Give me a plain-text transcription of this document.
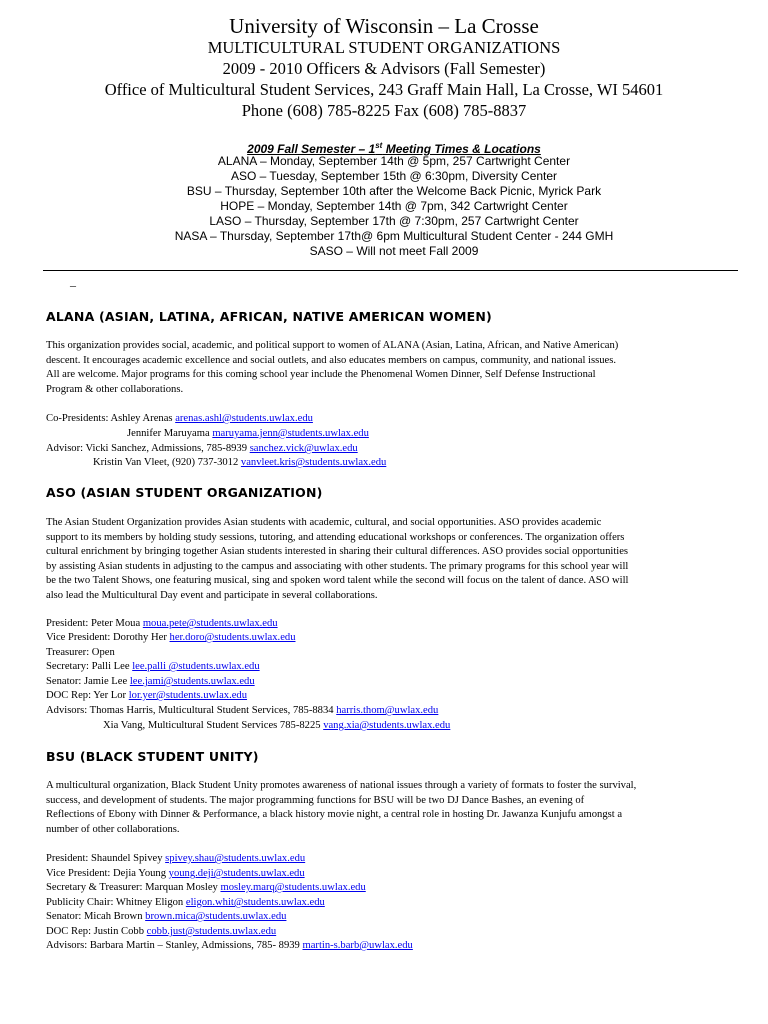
University of Wisconsin – La Crosse
MULTICULTURAL STUDENT ORGANIZATIONS
2009 - 2010 Officers & Advisors (Fall Semester)
Office of Multicultural Student Services, 243 Graff Main Hall, La Crosse, WI 54601
Phone (608) 785-8225 Fax (608) 785-8837
2009 Fall Semester – 1st Meeting Times & Locations
ALANA – Monday, September 14th @ 5pm, 257 Cartwright Center
ASO – Tuesday, September 15th @ 6:30pm, Diversity Center
BSU – Thursday, September 10th after the Welcome Back Picnic, Myrick Park
HOPE – Monday, September 14th @ 7pm, 342 Cartwright Center
LASO – Thursday, September 17th @ 7:30pm, 257 Cartwright Center
NASA – Thursday, September 17th@ 6pm Multicultural Student Center - 244 GMH
SASO – Will not meet Fall 2009
–
ALANA (ASIAN, LATINA, AFRICAN, NATIVE AMERICAN WOMEN)
This organization provides social, academic, and political support to women of ALANA (Asian, Latina, African, and Native American)
descent. It encourages academic excellence and social outlets, and also educates members on campus, community, and national issues.
All are welcome. Major programs for this coming school year include the Phenomenal Women Dinner, Self Defense Instructional
Program & other collaborations.
Co-Presidents: Ashley Arenas arenas.ashl@students.uwlax.edu
Jennifer Maruyama maruyama.jenn@students.uwlax.edu
Advisor: Vicki Sanchez, Admissions, 785-8939 sanchez.vick@uwlax.edu
Kristin Van Vleet, (920) 737-3012 vanvleet.kris@students.uwlax.edu
ASO (ASIAN STUDENT ORGANIZATION)
The Asian Student Organization provides Asian students with academic, cultural, and social opportunities. ASO provides academic
support to its members by holding study sessions, tutoring, and attending educational workshops or conferences. The organization offers
cultural enrichment by bringing together Asian students interested in sharing their cultural differences. ASO provides social opportunities
by assisting Asian students in adjusting to the campus and associating with other students. The primary programs for this school year will
be the two Talent Shows, one featuring musical, sing and spoken word talent while the second will focus on the talent of dance. ASO will
also lead the Multicultural Day event and participate in several collaborations.
President: Peter Moua moua.pete@students.uwlax.edu
Vice President: Dorothy Her her.doro@students.uwlax.edu
Treasurer: Open
Secretary: Palli Lee lee.palli @students.uwlax.edu
Senator: Jamie Lee lee.jami@students.uwlax.edu
DOC Rep: Yer Lor lor.yer@students.uwlax.edu
Advisors: Thomas Harris, Multicultural Student Services, 785-8834 harris.thom@uwlax.edu
Xia Vang, Multicultural Student Services 785-8225 vang.xia@students.uwlax.edu
BSU (BLACK STUDENT UNITY)
A multicultural organization, Black Student Unity promotes awareness of national issues through a variety of formats to foster the survival,
success, and development of students. The major programming functions for BSU will be two DJ Dance Bashes, an evening of
Reflections of Ebony with Dinner & Performance, a black history movie night, a central role in hosting Dr. Jawanza Kunjufu amongst a
number of other collaborations.
President: Shaundel Spivey spivey.shau@students.uwlax.edu
Vice President: Dejia Young young.deji@students.uwlax.edu
Secretary & Treasurer: Marquan Mosley mosley.marq@students.uwlax.edu
Publicity Chair: Whitney Eligon eligon.whit@students.uwlax.edu
Senator: Micah Brown brown.mica@students.uwlax.edu
DOC Rep: Justin Cobb cobb.just@students.uwlax.edu
Advisors: Barbara Martin – Stanley, Admissions, 785- 8939 martin-s.barb@uwlax.edu
